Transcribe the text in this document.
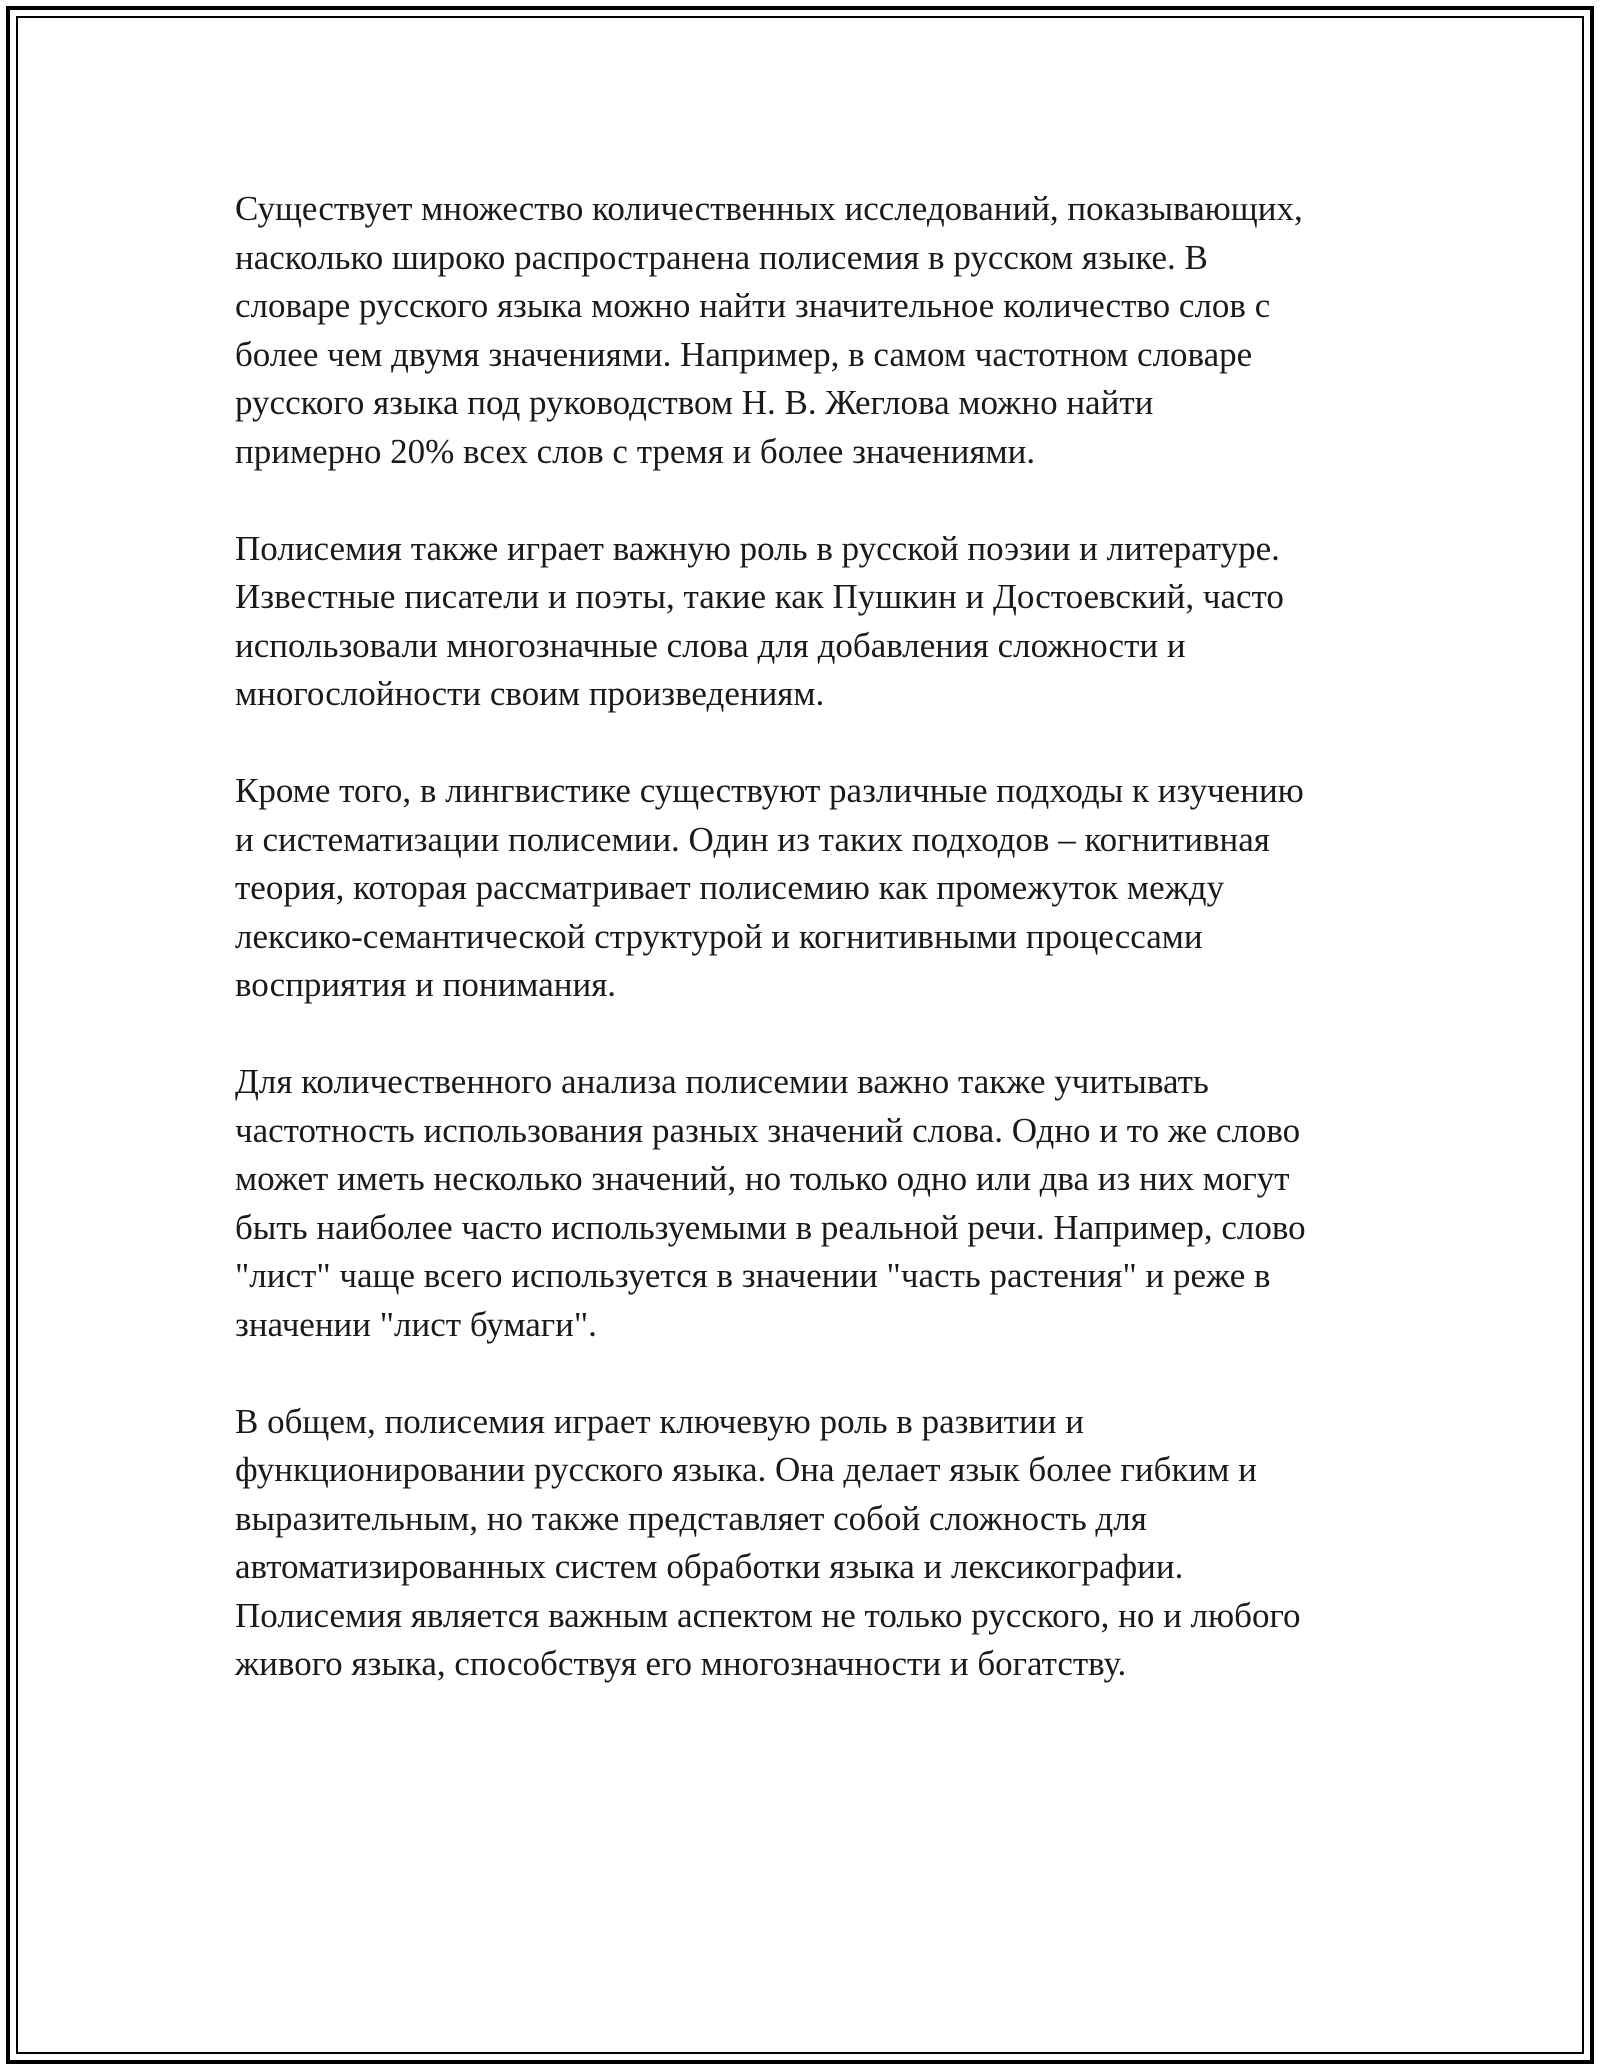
Существует множество количественных исследований, показывающих,
насколько широко распространена полисемия в русском языке. В
словаре русского языка можно найти значительное количество слов с
более чем двумя значениями. Например, в самом частотном словаре
русского языка под руководством Н. В. Жеглова можно найти
примерно 20% всех слов с тремя и более значениями.

Полисемия также играет важную роль в русской поэзии и литературе.
Известные писатели и поэты, такие как Пушкин и Достоевский, часто
использовали многозначные слова для добавления сложности и
многослойности своим произведениям.

Кроме того, в лингвистике существуют различные подходы к изучению
и систематизации полисемии. Один из таких подходов – когнитивная
теория, которая рассматривает полисемию как промежуток между
лексико-семантической структурой и когнитивными процессами
восприятия и понимания.

Для количественного анализа полисемии важно также учитывать
частотность использования разных значений слова. Одно и то же слово
может иметь несколько значений, но только одно или два из них могут
быть наиболее часто используемыми в реальной речи. Например, слово
"лист" чаще всего используется в значении "часть растения" и реже в
значении "лист бумаги".

В общем, полисемия играет ключевую роль в развитии и
функционировании русского языка. Она делает язык более гибким и
выразительным, но также представляет собой сложность для
автоматизированных систем обработки языка и лексикографии.
Полисемия является важным аспектом не только русского, но и любого
живого языка, способствуя его многозначности и богатству.
